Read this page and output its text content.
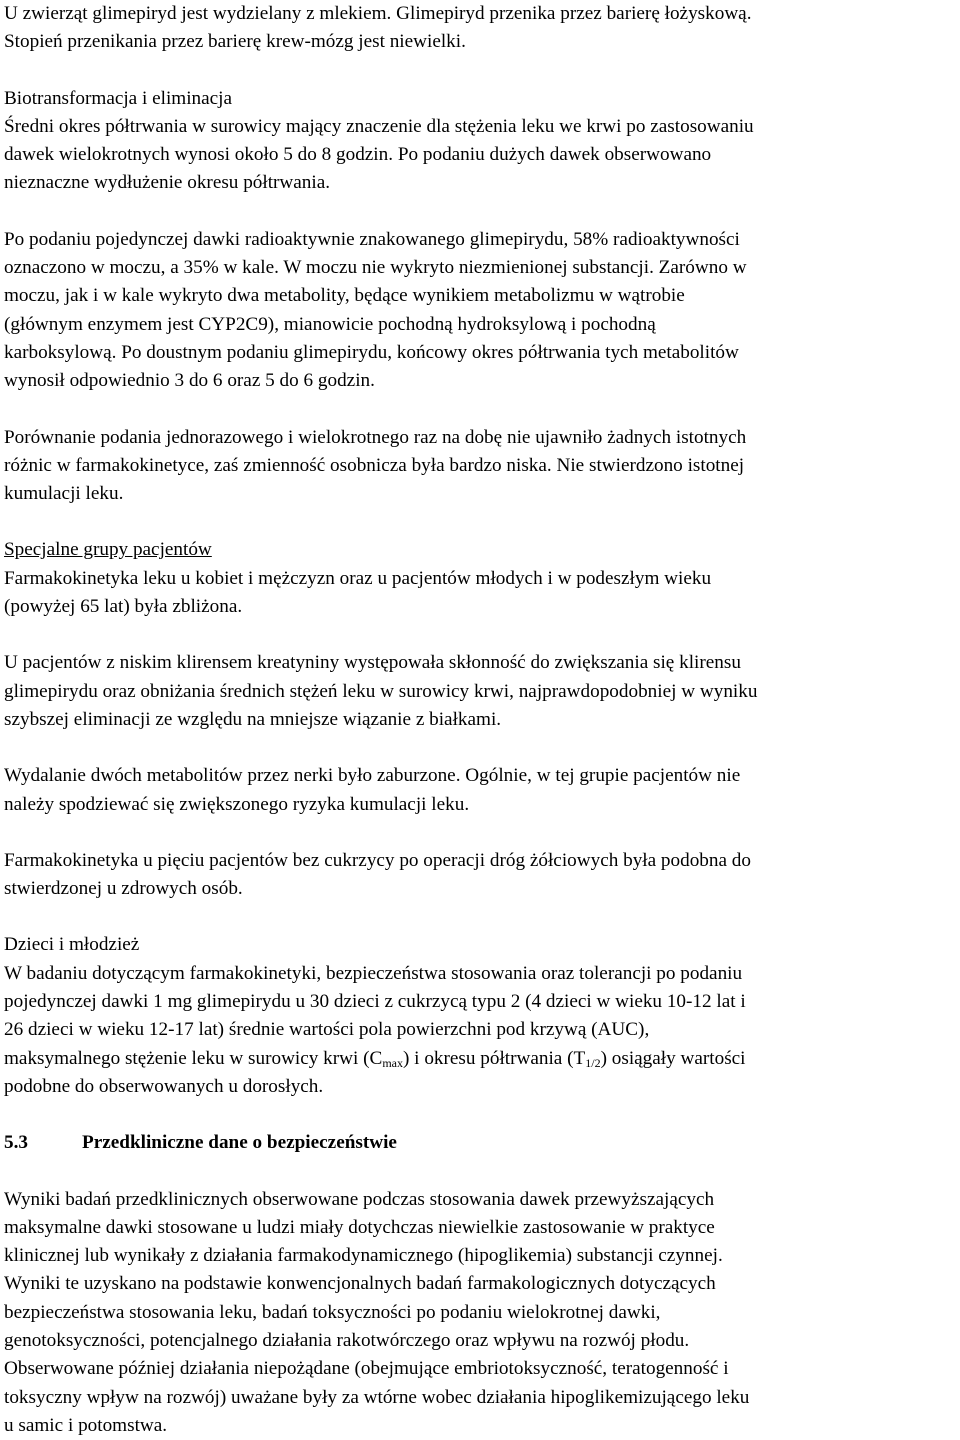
U zwierząt glimepiryd jest wydzielany z mlekiem. Glimepiryd przenika przez barierę łożyskową.
Stopień przenikania przez barierę krew-mózg jest niewielki.

Biotransformacja i eliminacja
Średni okres półtrwania w surowicy mający znaczenie dla stężenia leku we krwi po zastosowaniu
dawek wielokrotnych wynosi około 5 do 8 godzin. Po podaniu dużych dawek obserwowano
nieznaczne wydłużenie okresu półtrwania.

Po podaniu pojedynczej dawki radioaktywnie znakowanego glimepirydu, 58% radioaktywności
oznaczono w moczu, a 35% w kale. W moczu nie wykryto niezmienionej substancji. Zarówno w
moczu, jak i w kale wykryto dwa metabolity, będące wynikiem metabolizmu w wątrobie
(głównym enzymem jest CYP2C9), mianowicie pochodną hydroksylową i pochodną
karboksylową. Po doustnym podaniu glimepirydu, końcowy okres półtrwania tych metabolitów
wynosił odpowiednio 3 do 6 oraz 5 do 6 godzin.

Porównanie podania jednorazowego i wielokrotnego raz na dobę nie ujawniło żadnych istotnych
różnic w farmakokinetyce, zaś zmienność osobnicza była bardzo niska. Nie stwierdzono istotnej
kumulacji leku.

Specjalne grupy pacjentów
Farmakokinetyka leku u kobiet i mężczyzn oraz u pacjentów młodych i w podeszłym wieku
(powyżej 65 lat) była zbliżona.

U pacjentów z niskim klirensem kreatyniny występowała skłonność do zwiększania się klirensu
glimepirydu oraz obniżania średnich stężeń leku w surowicy krwi, najprawdopodobniej w wyniku
szybszej eliminacji ze względu na mniejsze wiązanie z białkami.

Wydalanie dwóch metabolitów przez nerki było zaburzone. Ogólnie, w tej grupie pacjentów nie
należy spodziewać się zwiększonego ryzyka kumulacji leku.

Farmakokinetyka u pięciu pacjentów bez cukrzycy po operacji dróg żółciowych była podobna do
stwierdzonej u zdrowych osób.

Dzieci i młodzież
W badaniu dotyczącym farmakokinetyki, bezpieczeństwa stosowania oraz tolerancji po podaniu
pojedynczej dawki 1 mg glimepirydu u 30 dzieci z cukrzycą typu 2 (4 dzieci w wieku 10-12 lat i
26 dzieci w wieku 12-17 lat) średnie wartości pola powierzchni pod krzywą (AUC),
maksymalnego stężenie leku w surowicy krwi $(C_{max})$ i okresu półtrwania $(T_{1/2})$ osiągały wartości
podobne do obserwowanych u dorosłych.

5.3	Przedkliniczne dane o bezpieczeństwie

Wyniki badań przedklinicznych obserwowane podczas stosowania dawek przewyższających
maksymalne dawki stosowane u ludzi miały dotychczas niewielkie zastosowanie w praktyce
klinicznej lub wynikały z działania farmakodynamicznego (hipoglikemia) substancji czynnej.
Wyniki te uzyskano na podstawie konwencjonalnych badań farmakologicznych dotyczących
bezpieczeństwa stosowania leku, badań toksyczności po podaniu wielokrotnej dawki,
genotoksyczności, potencjalnego działania rakotwórczego oraz wpływu na rozwój płodu.
Obserwowane później działania niepożądane (obejmujące embriotoksyczność, teratogenność i
toksyczny wpływ na rozwój) uważane były za wtórne wobec działania hipoglikemizującego leku
u samic i potomstwa.
